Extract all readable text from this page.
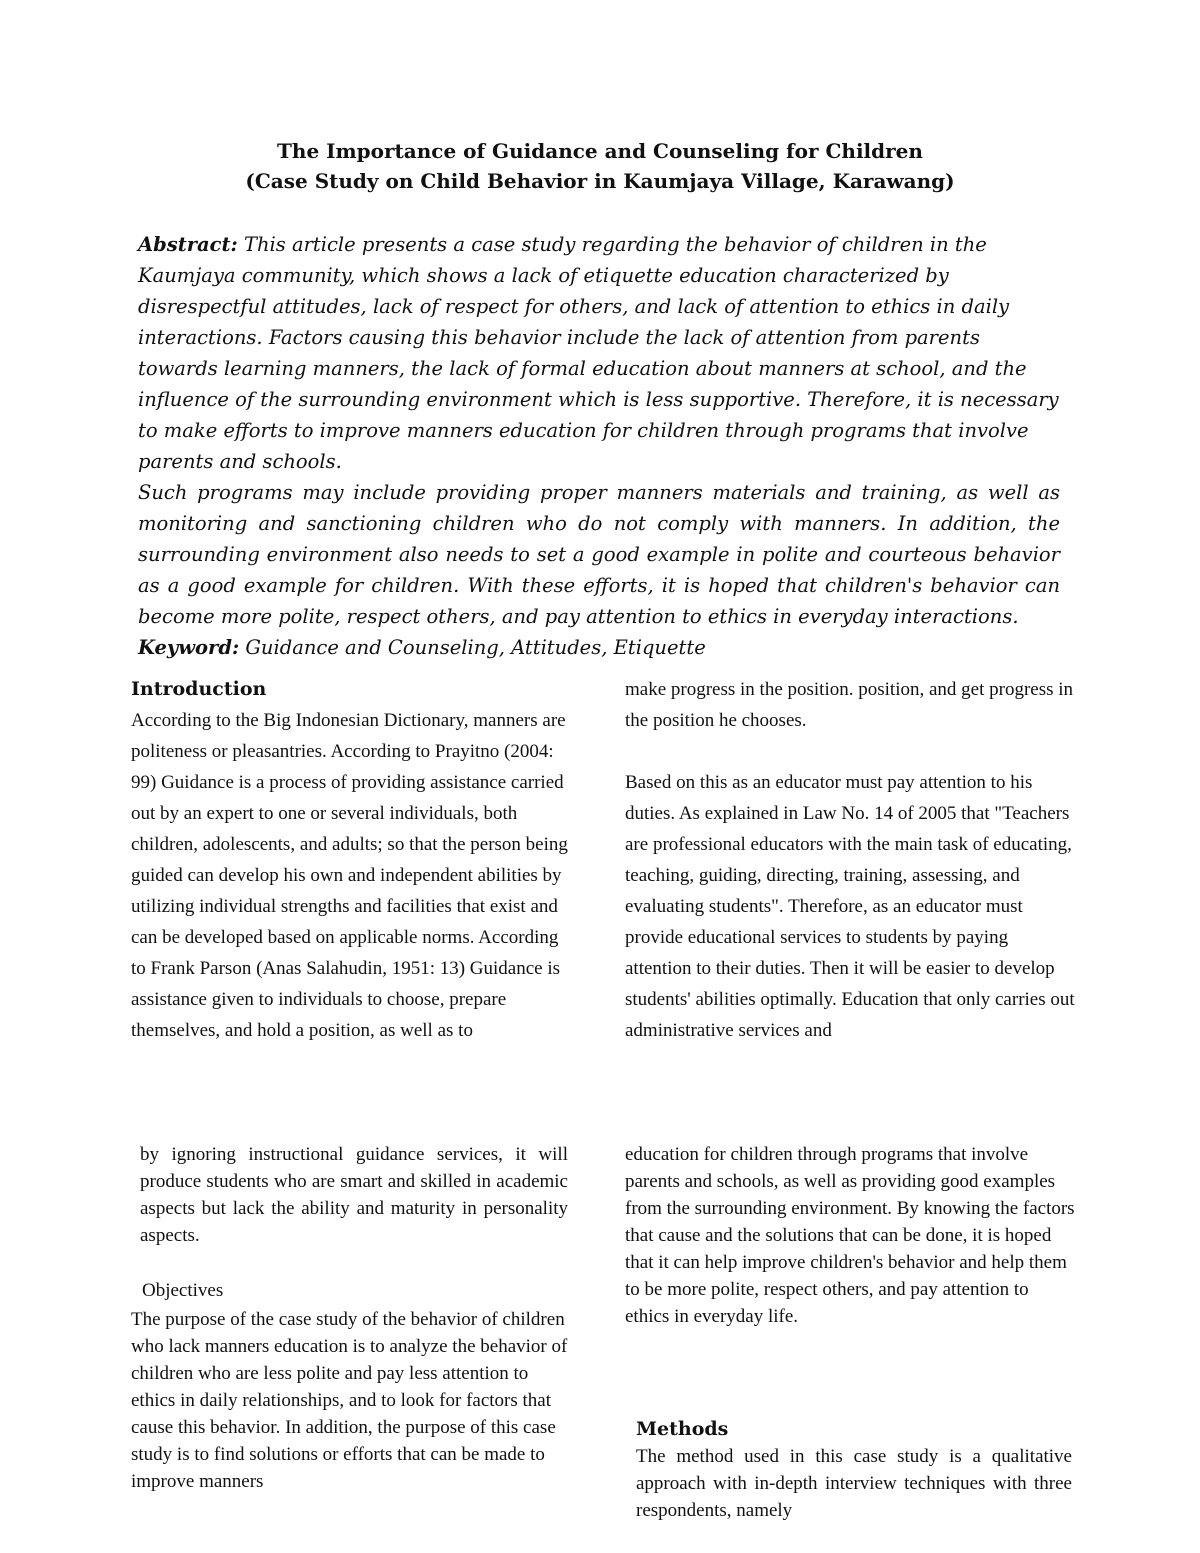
The Importance of Guidance and Counseling for Children
(Case Study on Child Behavior in Kaumjaya Village, Karawang)
Abstract: This article presents a case study regarding the behavior of children in the Kaumjaya community, which shows a lack of etiquette education characterized by disrespectful attitudes, lack of respect for others, and lack of attention to ethics in daily interactions. Factors causing this behavior include the lack of attention from parents towards learning manners, the lack of formal education about manners at school, and the influence of the surrounding environment which is less supportive. Therefore, it is necessary to make efforts to improve manners education for children through programs that involve parents and schools.
Such programs may include providing proper manners materials and training, as well as monitoring and sanctioning children who do not comply with manners. In addition, the surrounding environment also needs to set a good example in polite and courteous behavior as a good example for children. With these efforts, it is hoped that children's behavior can become more polite, respect others, and pay attention to ethics in everyday interactions.
Keyword: Guidance and Counseling, Attitudes, Etiquette
Introduction
According to the Big Indonesian Dictionary, manners are politeness or pleasantries. According to Prayitno (2004: 99) Guidance is a process of providing assistance carried out by an expert to one or several individuals, both children, adolescents, and adults; so that the person being guided can develop his own and independent abilities by utilizing individual strengths and facilities that exist and can be developed based on applicable norms. According to Frank Parson (Anas Salahudin, 1951: 13) Guidance is assistance given to individuals to choose, prepare themselves, and hold a position, as well as to
by ignoring instructional guidance services, it will produce students who are smart and skilled in academic aspects but lack the ability and maturity in personality aspects.
Objectives
The purpose of the case study of the behavior of children who lack manners education is to analyze the behavior of children who are less polite and pay less attention to ethics in daily relationships, and to look for factors that cause this behavior. In addition, the purpose of this case study is to find solutions or efforts that can be made to improve manners
make progress in the position. position, and get progress in the position he chooses.
Based on this as an educator must pay attention to his duties. As explained in Law No. 14 of 2005 that "Teachers are professional educators with the main task of educating, teaching, guiding, directing, training, assessing, and evaluating students". Therefore, as an educator must provide educational services to students by paying attention to their duties. Then it will be easier to develop students' abilities optimally. Education that only carries out administrative services and
education for children through programs that involve parents and schools, as well as providing good examples from the surrounding environment. By knowing the factors that cause and the solutions that can be done, it is hoped that it can help improve children's behavior and help them to be more polite, respect others, and pay attention to ethics in everyday life.
Methods
The method used in this case study is a qualitative approach with in-depth interview techniques with three respondents, namely
